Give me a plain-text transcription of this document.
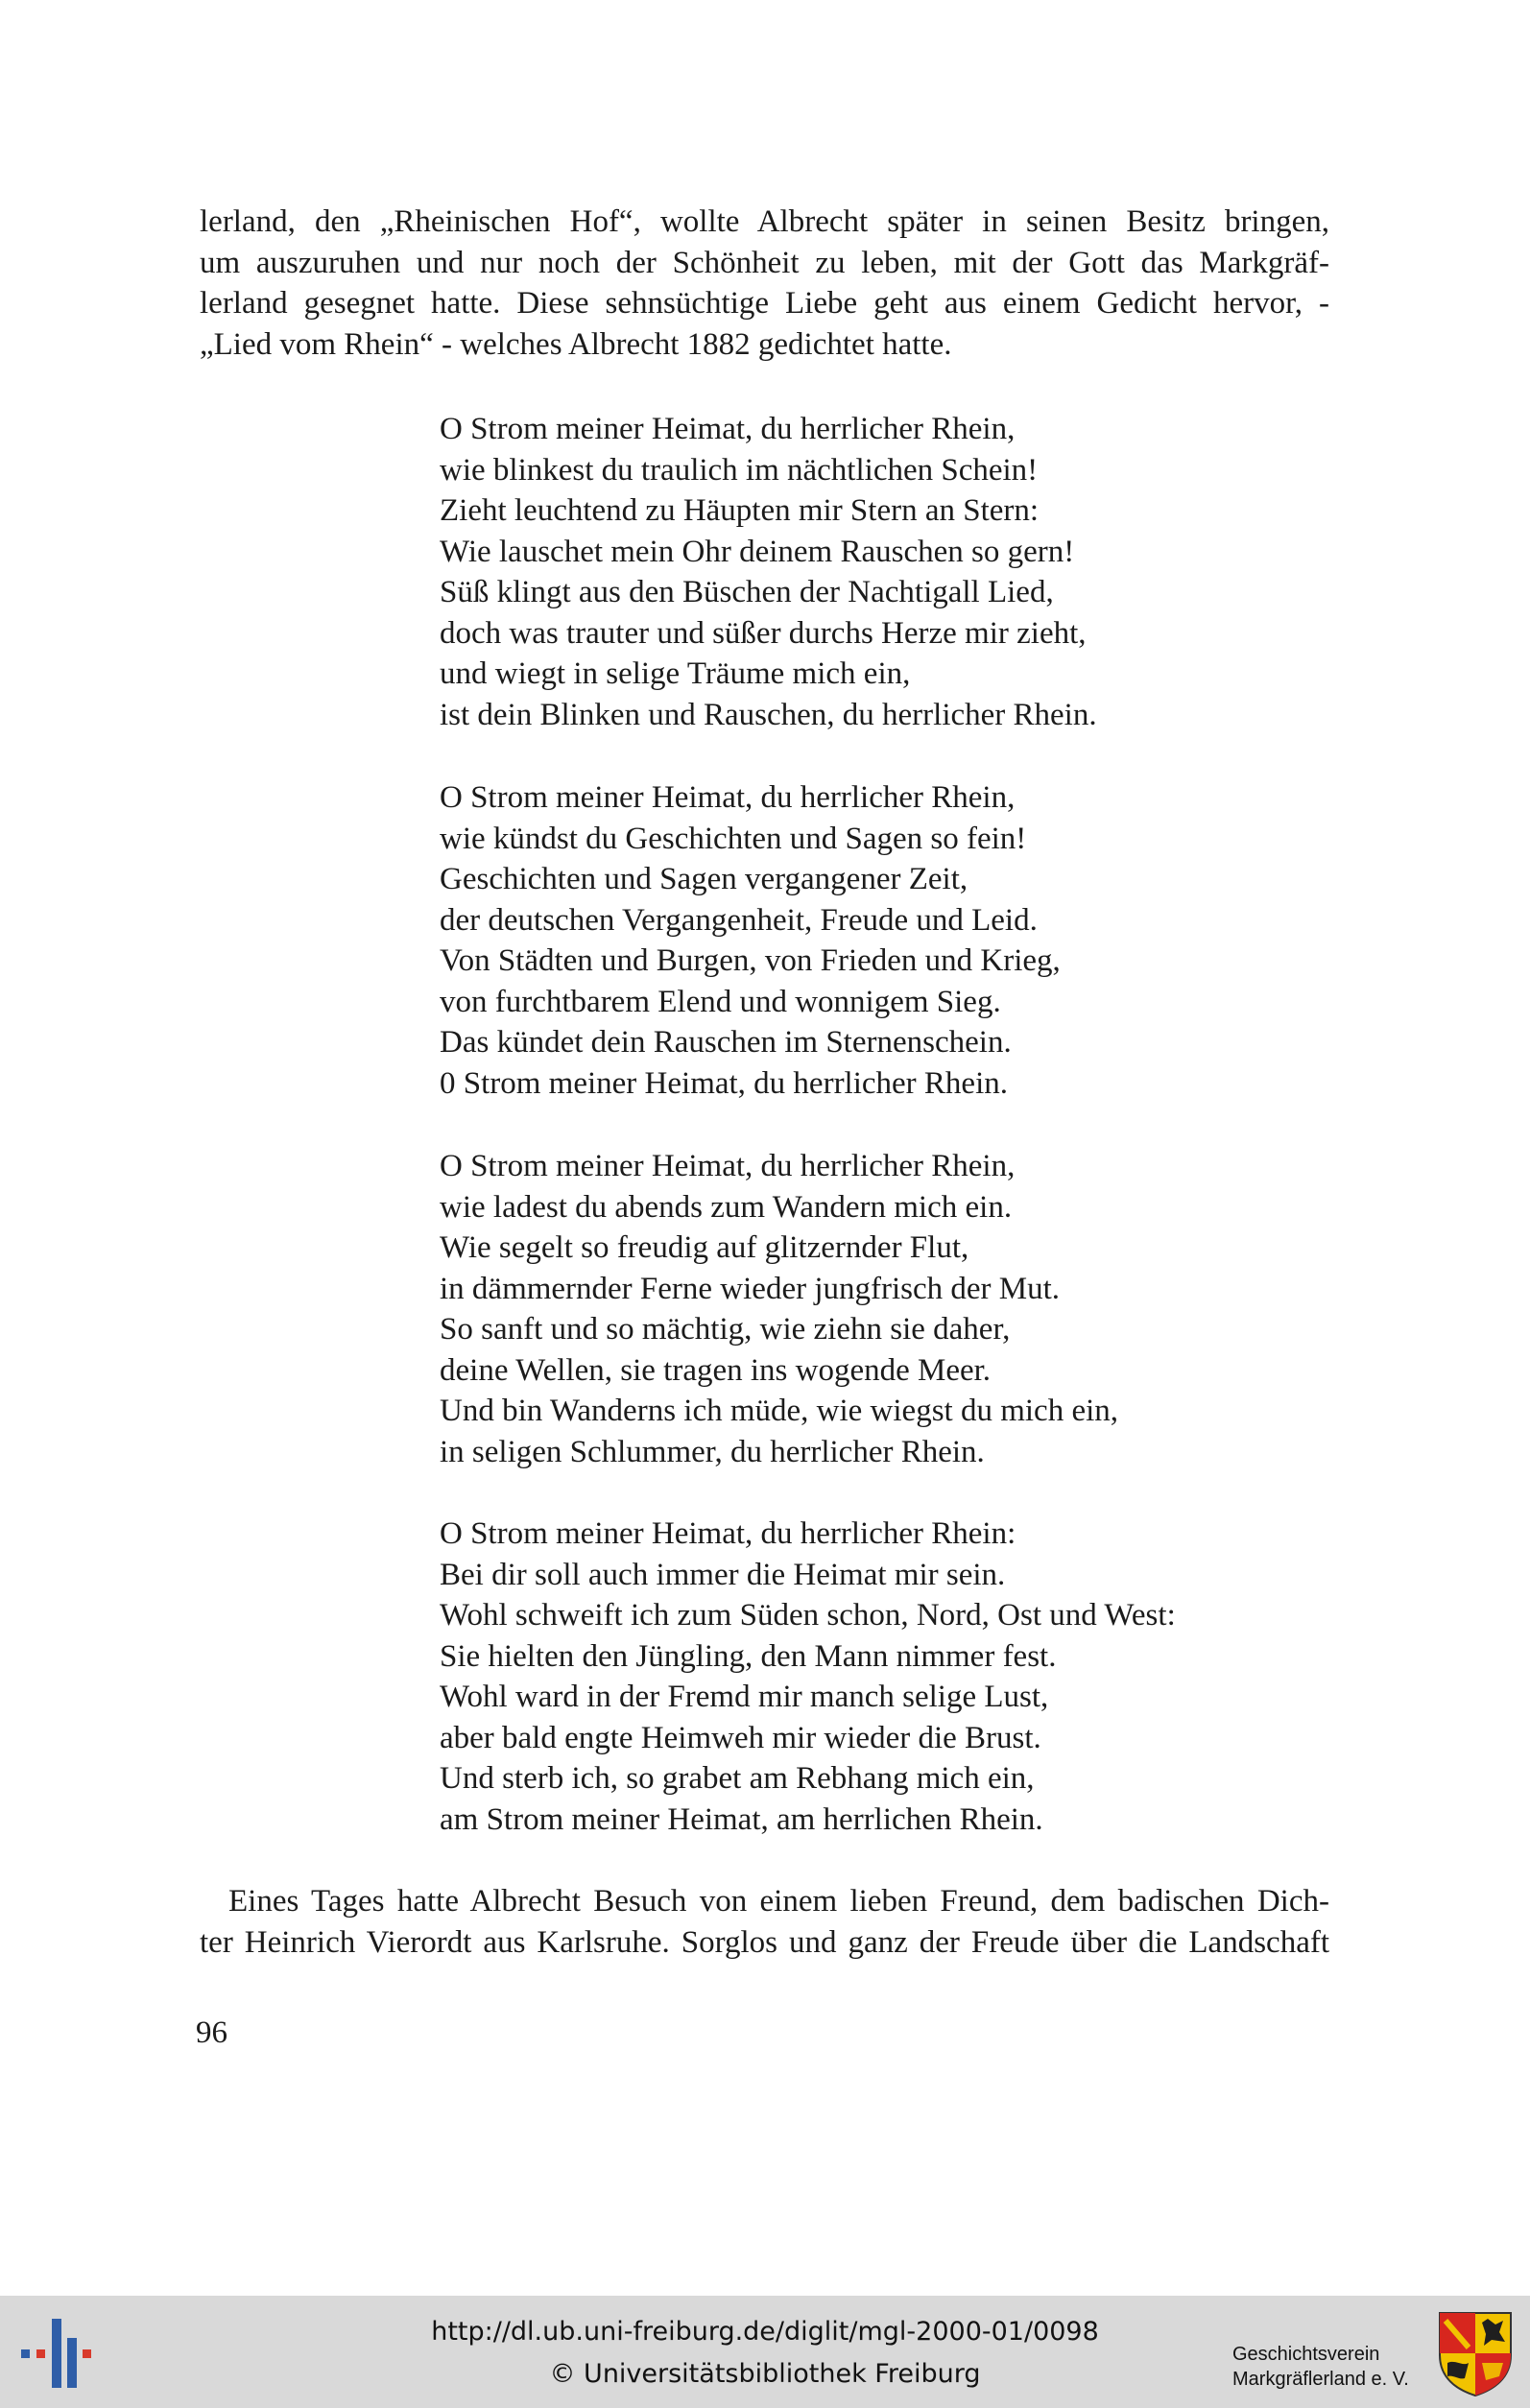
lerland, den „Rheinischen Hof“, wollte Albrecht später in seinen Besitz bringen,
um auszuruhen und nur noch der Schönheit zu leben, mit der Gott das Markgräf-
lerland gesegnet hatte. Diese sehnsüchtige Liebe geht aus einem Gedicht hervor, -
„Lied vom Rhein“ - welches Albrecht 1882 gedichtet hatte.
O Strom meiner Heimat, du herrlicher Rhein,
wie blinkest du traulich im nächtlichen Schein!
Zieht leuchtend zu Häupten mir Stern an Stern:
Wie lauschet mein Ohr deinem Rauschen so gern!
Süß klingt aus den Büschen der Nachtigall Lied,
doch was trauter und süßer durchs Herze mir zieht,
und wiegt in selige Träume mich ein,
ist dein Blinken und Rauschen, du herrlicher Rhein.
O Strom meiner Heimat, du herrlicher Rhein,
wie kündst du Geschichten und Sagen so fein!
Geschichten und Sagen vergangener Zeit,
der deutschen Vergangenheit, Freude und Leid.
Von Städten und Burgen, von Frieden und Krieg,
von furchtbarem Elend und wonnigem Sieg.
Das kündet dein Rauschen im Sternenschein.
0 Strom meiner Heimat, du herrlicher Rhein.
O Strom meiner Heimat, du herrlicher Rhein,
wie ladest du abends zum Wandern mich ein.
Wie segelt so freudig auf glitzernder Flut,
in dämmernder Ferne wieder jungfrisch der Mut.
So sanft und so mächtig, wie ziehn sie daher,
deine Wellen, sie tragen ins wogende Meer.
Und bin Wanderns ich müde, wie wiegst du mich ein,
in seligen Schlummer, du herrlicher Rhein.
O Strom meiner Heimat, du herrlicher Rhein:
Bei dir soll auch immer die Heimat mir sein.
Wohl schweift ich zum Süden schon, Nord, Ost und West:
Sie hielten den Jüngling, den Mann nimmer fest.
Wohl ward in der Fremd mir manch selige Lust,
aber bald engte Heimweh mir wieder die Brust.
Und sterb ich, so grabet am Rebhang mich ein,
am Strom meiner Heimat, am herrlichen Rhein.
Eines Tages hatte Albrecht Besuch von einem lieben Freund, dem badischen Dich-
ter Heinrich Vierordt aus Karlsruhe. Sorglos und ganz der Freude über die Landschaft
96
http://dl.ub.uni-freiburg.de/diglit/mgl-2000-01/0098
© Universitätsbibliothek Freiburg
Geschichtsverein
Markgräflerland e. V.
